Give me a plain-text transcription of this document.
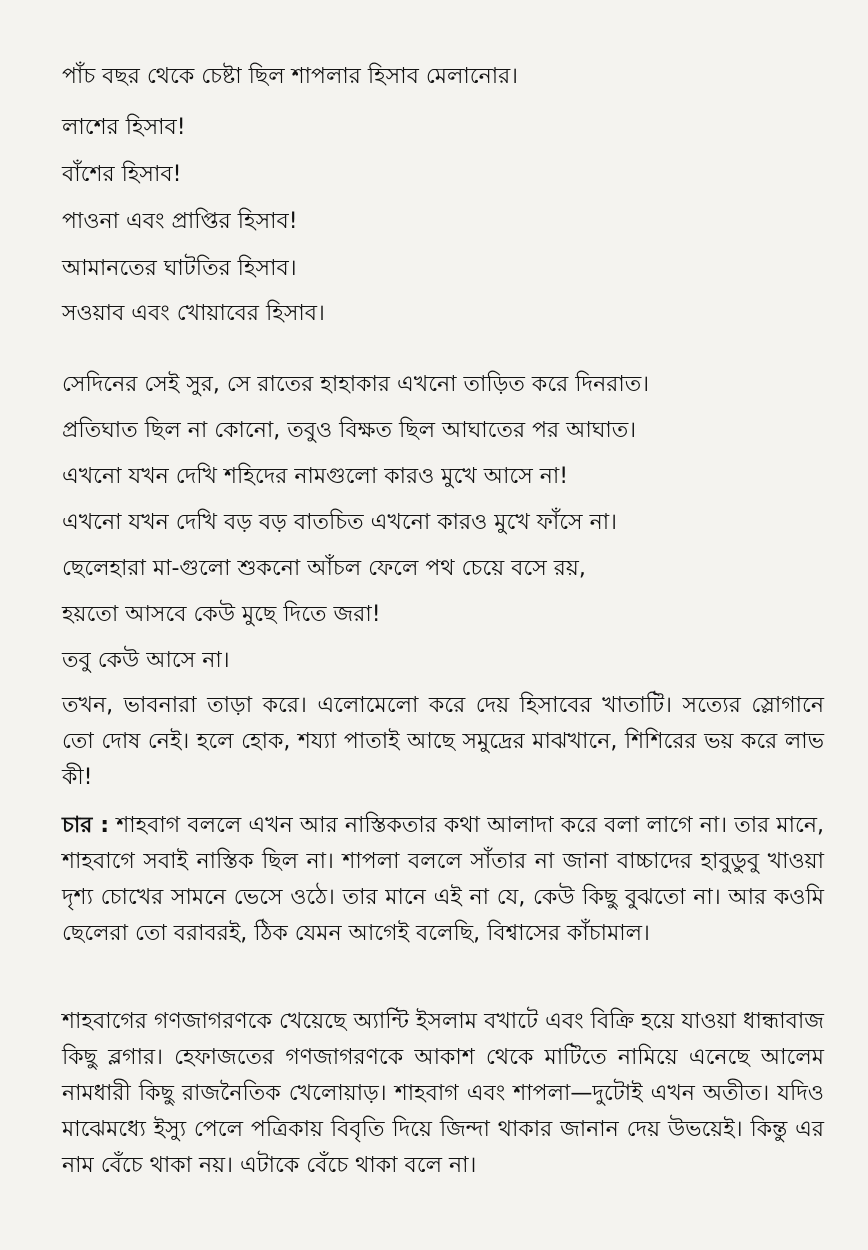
পাঁচ বছর থেকে চেষ্টা ছিল শাপলার হিসাব মেলানোর।
লাশের হিসাব!
বাঁশের হিসাব!
পাওনা এবং প্রাপ্তির হিসাব!
আমানতের ঘাটতির হিসাব।
সওয়াব এবং খোয়াবের হিসাব।
সেদিনের সেই সুর, সে রাতের হাহাকার এখনো তাড়িত করে দিনরাত।
প্রতিঘাত ছিল না কোনো, তবুও বিক্ষত ছিল আঘাতের পর আঘাত।
এখনো যখন দেখি শহিদের নামগুলো কারও মুখে আসে না!
এখনো যখন দেখি বড় বড় বাতচিত এখনো কারও মুখে ফাঁসে না।
ছেলেহারা মা-গুলো শুকনো আঁচল ফেলে পথ চেয়ে বসে রয়,
হয়তো আসবে কেউ মুছে দিতে জরা!
তবু কেউ আসে না।

তখন, ভাবনারা তাড়া করে। এলোমেলো করে দেয় হিসাবের খাতাটি। সত্যের স্লোগানে তো দোষ নেই। হলে হোক, শয্যা পাতাই আছে সমুদ্রের মাঝখানে, শিশিরের ভয় করে লাভ কী!

চার : শাহবাগ বললে এখন আর নাস্তিকতার কথা আলাদা করে বলা লাগে না। তার মানে, শাহবাগে সবাই নাস্তিক ছিল না। শাপলা বললে সাঁতার না জানা বাচ্চাদের হাবুডুবু খাওয়া দৃশ্য চোখের সামনে ভেসে ওঠে। তার মানে এই না যে, কেউ কিছু বুঝতো না। আর কওমি ছেলেরা তো বরাবরই, ঠিক যেমন আগেই বলেছি, বিশ্বাসের কাঁচামাল।

শাহবাগের গণজাগরণকে খেয়েছে অ্যান্টি ইসলাম বখাটে এবং বিক্রি হয়ে যাওয়া ধান্ধাবাজ কিছু ব্লগার। হেফাজতের গণজাগরণকে আকাশ থেকে মাটিতে নামিয়ে এনেছে আলেম নামধারী কিছু রাজনৈতিক খেলোয়াড়। শাহবাগ এবং শাপলা—দুটোই এখন অতীত। যদিও মাঝেমধ্যে ইস্যু পেলে পত্রিকায় বিবৃতি দিয়ে জিন্দা থাকার জানান দেয় উভয়েই। কিন্তু এর নাম বেঁচে থাকা নয়। এটাকে বেঁচে থাকা বলে না।
